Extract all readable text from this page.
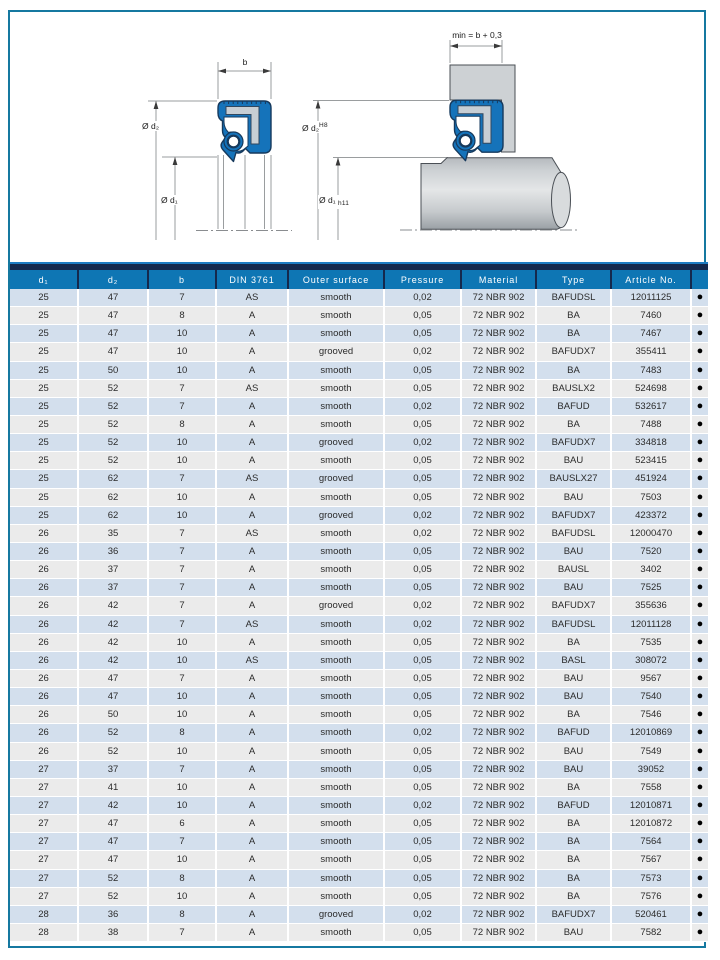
b
Ø d₂
Ø d₁
min = b + 0,3
Ø d₂$^{H8}$
Ø d₁ $_{h11}$
d₁	d₂	b	DIN 3761	Outer surface	Pressure	Material	Type	Article No.
25	47	7	AS	smooth	0,02	72 NBR 902	BAFUDSL	12011125	●
25	47	8	A	smooth	0,05	72 NBR 902	BA	7460	●
25	47	10	A	smooth	0,05	72 NBR 902	BA	7467	●
25	47	10	A	grooved	0,02	72 NBR 902	BAFUDX7	355411	●
25	50	10	A	smooth	0,05	72 NBR 902	BA	7483	●
25	52	7	AS	smooth	0,05	72 NBR 902	BAUSLX2	524698	●
25	52	7	A	smooth	0,02	72 NBR 902	BAFUD	532617	●
25	52	8	A	smooth	0,05	72 NBR 902	BA	7488	●
25	52	10	A	grooved	0,02	72 NBR 902	BAFUDX7	334818	●
25	52	10	A	smooth	0,05	72 NBR 902	BAU	523415	●
25	62	7	AS	grooved	0,05	72 NBR 902	BAUSLX27	451924	●
25	62	10	A	smooth	0,05	72 NBR 902	BAU	7503	●
25	62	10	A	grooved	0,02	72 NBR 902	BAFUDX7	423372	●
26	35	7	AS	smooth	0,02	72 NBR 902	BAFUDSL	12000470	●
26	36	7	A	smooth	0,05	72 NBR 902	BAU	7520	●
26	37	7	A	smooth	0,05	72 NBR 902	BAUSL	3402	●
26	37	7	A	smooth	0,05	72 NBR 902	BAU	7525	●
26	42	7	A	grooved	0,02	72 NBR 902	BAFUDX7	355636	●
26	42	7	AS	smooth	0,02	72 NBR 902	BAFUDSL	12011128	●
26	42	10	A	smooth	0,05	72 NBR 902	BA	7535	●
26	42	10	AS	smooth	0,05	72 NBR 902	BASL	308072	●
26	47	7	A	smooth	0,05	72 NBR 902	BAU	9567	●
26	47	10	A	smooth	0,05	72 NBR 902	BAU	7540	●
26	50	10	A	smooth	0,05	72 NBR 902	BA	7546	●
26	52	8	A	smooth	0,02	72 NBR 902	BAFUD	12010869	●
26	52	10	A	smooth	0,05	72 NBR 902	BAU	7549	●
27	37	7	A	smooth	0,05	72 NBR 902	BAU	39052	●
27	41	10	A	smooth	0,05	72 NBR 902	BA	7558	●
27	42	10	A	smooth	0,02	72 NBR 902	BAFUD	12010871	●
27	47	6	A	smooth	0,05	72 NBR 902	BA	12010872	●
27	47	7	A	smooth	0,05	72 NBR 902	BA	7564	●
27	47	10	A	smooth	0,05	72 NBR 902	BA	7567	●
27	52	8	A	smooth	0,05	72 NBR 902	BA	7573	●
27	52	10	A	smooth	0,05	72 NBR 902	BA	7576	●
28	36	8	A	grooved	0,02	72 NBR 902	BAFUDX7	520461	●
28	38	7	A	smooth	0,05	72 NBR 902	BAU	7582	●
